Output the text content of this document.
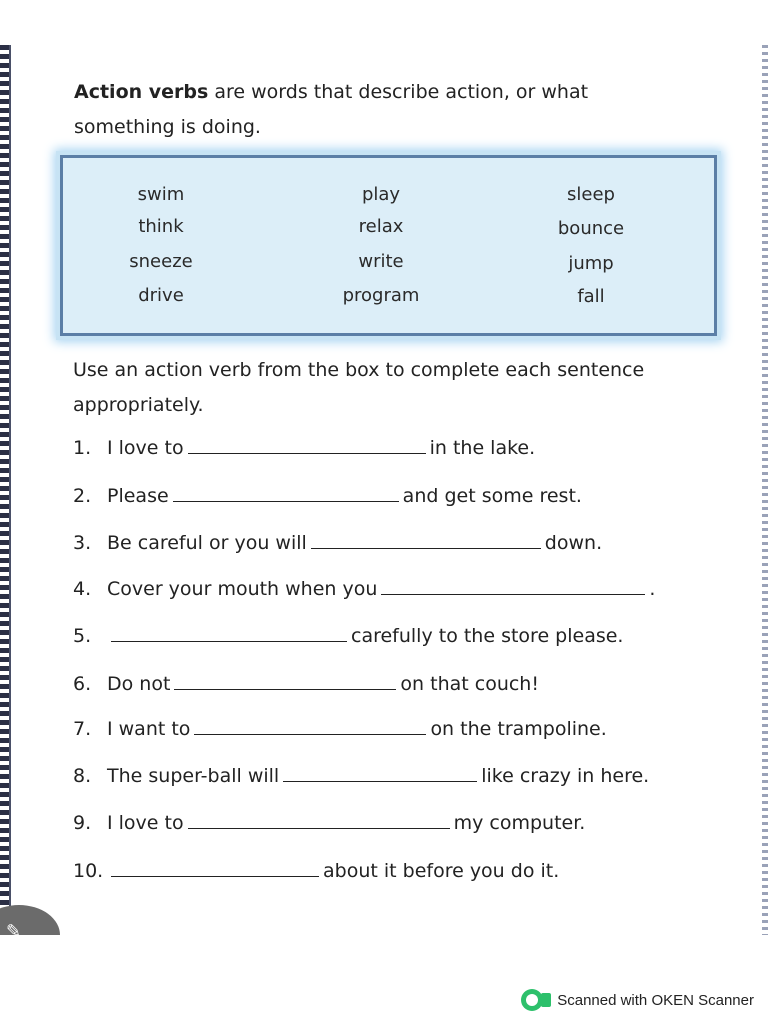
Action verbs are words that describe action, or what something is doing.
swim	play	sleep
think	relax	bounce
sneeze	write	jump
drive	program	fall
Use an action verb from the box to complete each sentence appropriately.
1. I love to	in the lake.
2. Please	and get some rest.
3. Be careful or you will	down.
4. Cover your mouth when you	.
5.	carefully to the store please.
6. Do not	on that couch!
7. I want to	on the trampoline.
8. The super-ball will	like crazy in here.
9. I love to	my computer.
10.	about it before you do it.
✎
Scanned with OKEN Scanner
